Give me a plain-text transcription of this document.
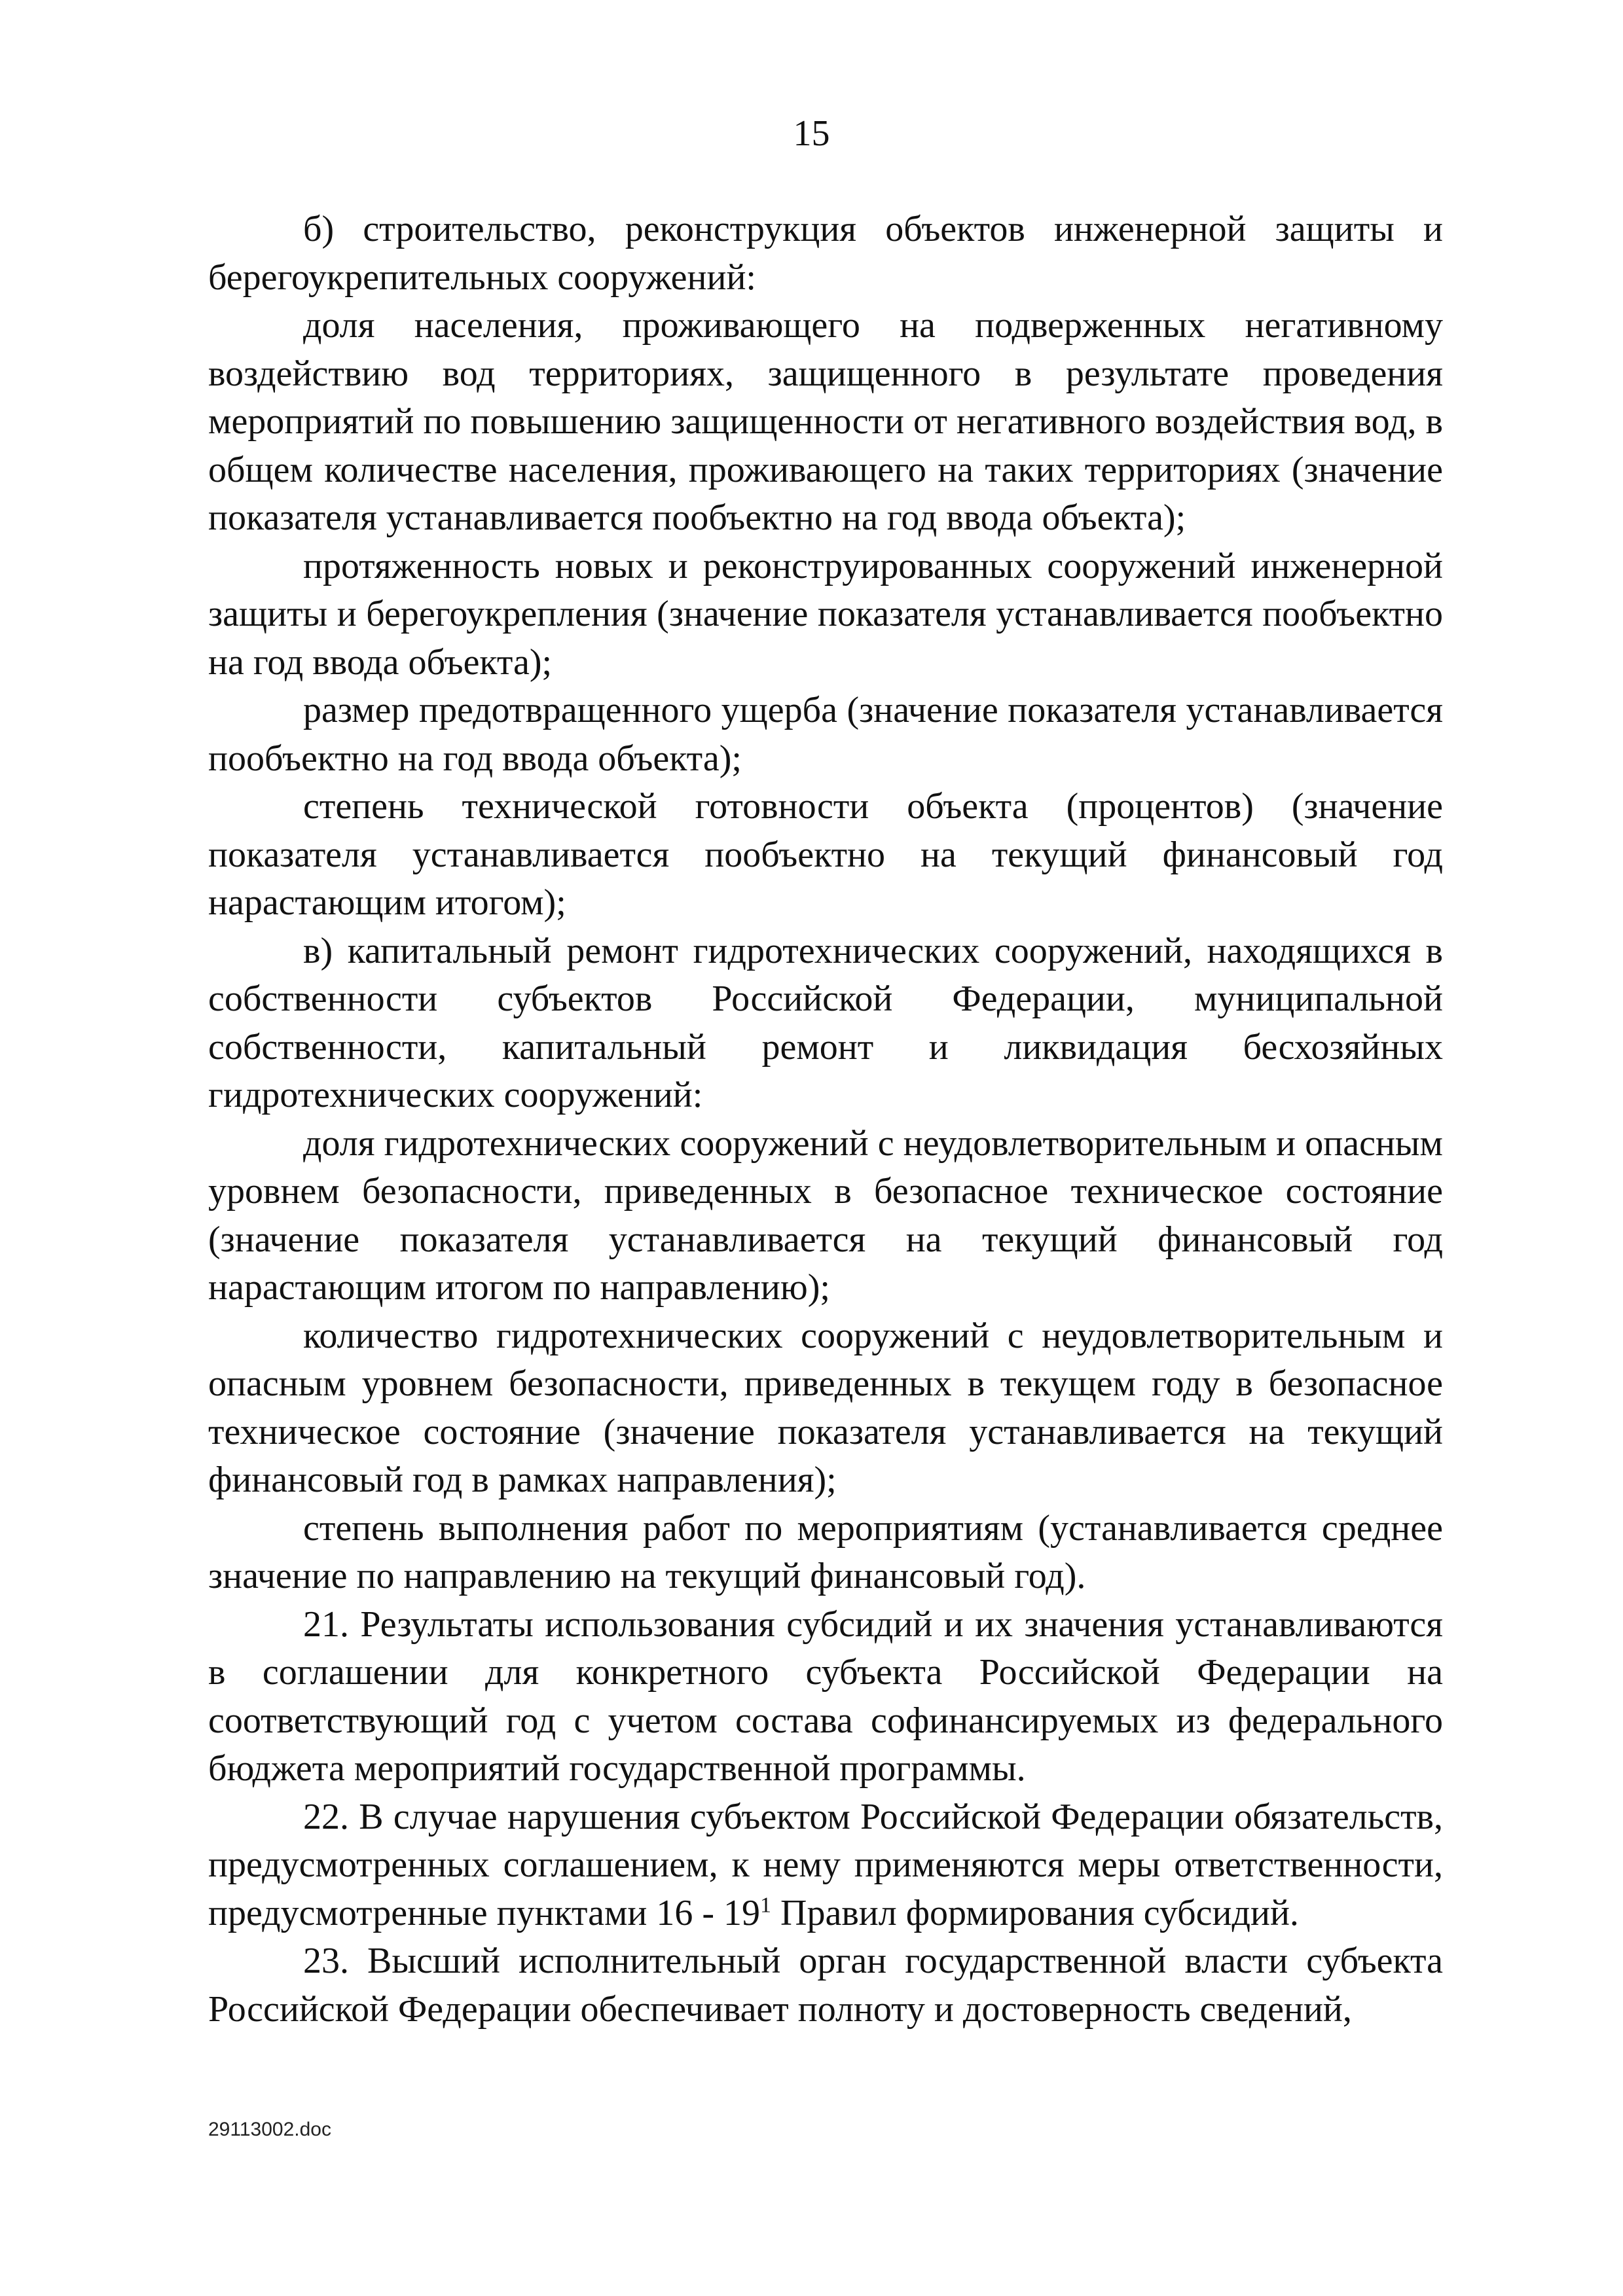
15

б) строительство, реконструкция объектов инженерной защиты и берегоукрепительных сооружений:

доля населения, проживающего на подверженных негативному воздействию вод территориях, защищенного в результате проведения мероприятий по повышению защищенности от негативного воздействия вод, в общем количестве населения, проживающего на таких территориях (значение показателя устанавливается пообъектно на год ввода объекта);

протяженность новых и реконструированных сооружений инженерной защиты и берегоукрепления (значение показателя устанавливается пообъектно на год ввода объекта);

размер предотвращенного ущерба (значение показателя устанавливается пообъектно на год ввода объекта);

степень технической готовности объекта (процентов) (значение показателя устанавливается пообъектно на текущий финансовый год нарастающим итогом);

в) капитальный ремонт гидротехнических сооружений, находящихся в собственности субъектов Российской Федерации, муниципальной собственности, капитальный ремонт и ликвидация бесхозяйных гидротехнических сооружений:

доля гидротехнических сооружений с неудовлетворительным и опасным уровнем безопасности, приведенных в безопасное техническое состояние (значение показателя устанавливается на текущий финансовый год нарастающим итогом по направлению);

количество гидротехнических сооружений с неудовлетворительным и опасным уровнем безопасности, приведенных в текущем году в безопасное техническое состояние (значение показателя устанавливается на текущий финансовый год в рамках направления);

степень выполнения работ по мероприятиям (устанавливается среднее значение по направлению на текущий финансовый год).

21. Результаты использования субсидий и их значения устанавливаются в соглашении для конкретного субъекта Российской Федерации на соответствующий год с учетом состава софинансируемых из федерального бюджета мероприятий государственной программы.

22. В случае нарушения субъектом Российской Федерации обязательств, предусмотренных соглашением, к нему применяются меры ответственности, предусмотренные пунктами $16 - 19^1$ Правил формирования субсидий.

23. Высший исполнительный орган государственной власти субъекта Российской Федерации обеспечивает полноту и достоверность сведений,

29113002.doc
